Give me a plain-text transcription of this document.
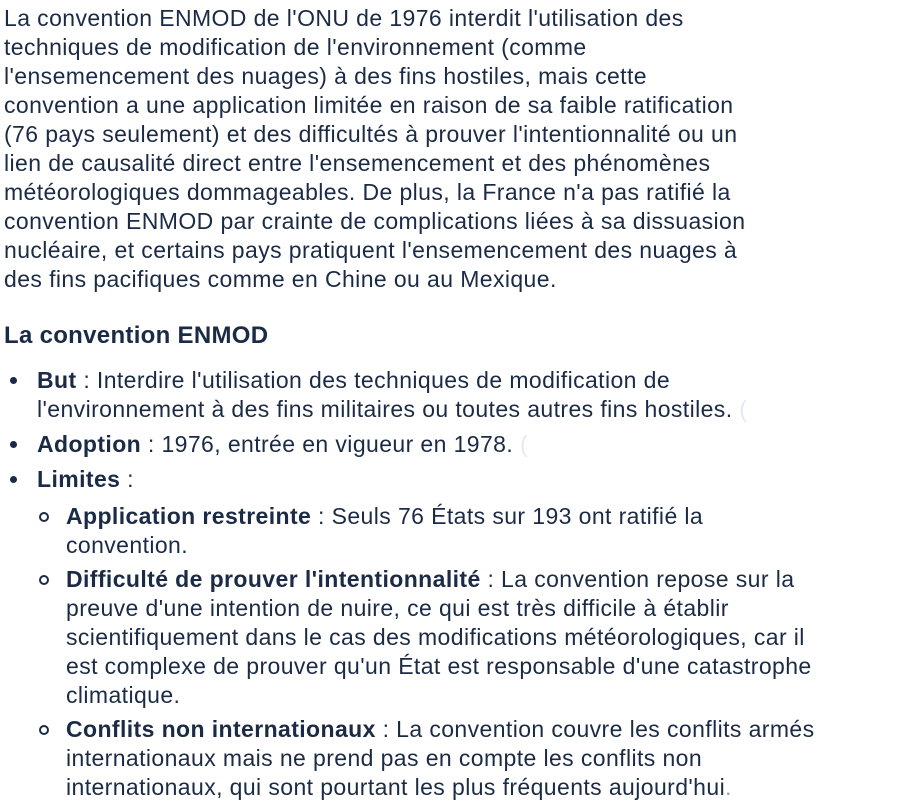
La convention ENMOD de l'ONU de 1976 interdit l'utilisation des
techniques de modification de l'environnement (comme
l'ensemencement des nuages) à des fins hostiles, mais cette
convention a une application limitée en raison de sa faible ratification
(76 pays seulement) et des difficultés à prouver l'intentionnalité ou un
lien de causalité direct entre l'ensemencement et des phénomènes
météorologiques dommageables. De plus, la France n'a pas ratifié la
convention ENMOD par crainte de complications liées à sa dissuasion
nucléaire, et certains pays pratiquent l'ensemencement des nuages à
des fins pacifiques comme en Chine ou au Mexique.

La convention ENMOD
But : Interdire l'utilisation des techniques de modification de
l'environnement à des fins militaires ou toutes autres fins hostiles. (
Adoption : 1976, entrée en vigueur en 1978. (
Limites :
Application restreinte : Seuls 76 États sur 193 ont ratifié la
convention.
Difficulté de prouver l'intentionnalité : La convention repose sur la
preuve d'une intention de nuire, ce qui est très difficile à établir
scientifiquement dans le cas des modifications météorologiques, car il
est complexe de prouver qu'un État est responsable d'une catastrophe
climatique.
Conflits non internationaux : La convention couvre les conflits armés
internationaux mais ne prend pas en compte les conflits non
internationaux, qui sont pourtant les plus fréquents aujourd'hui.
